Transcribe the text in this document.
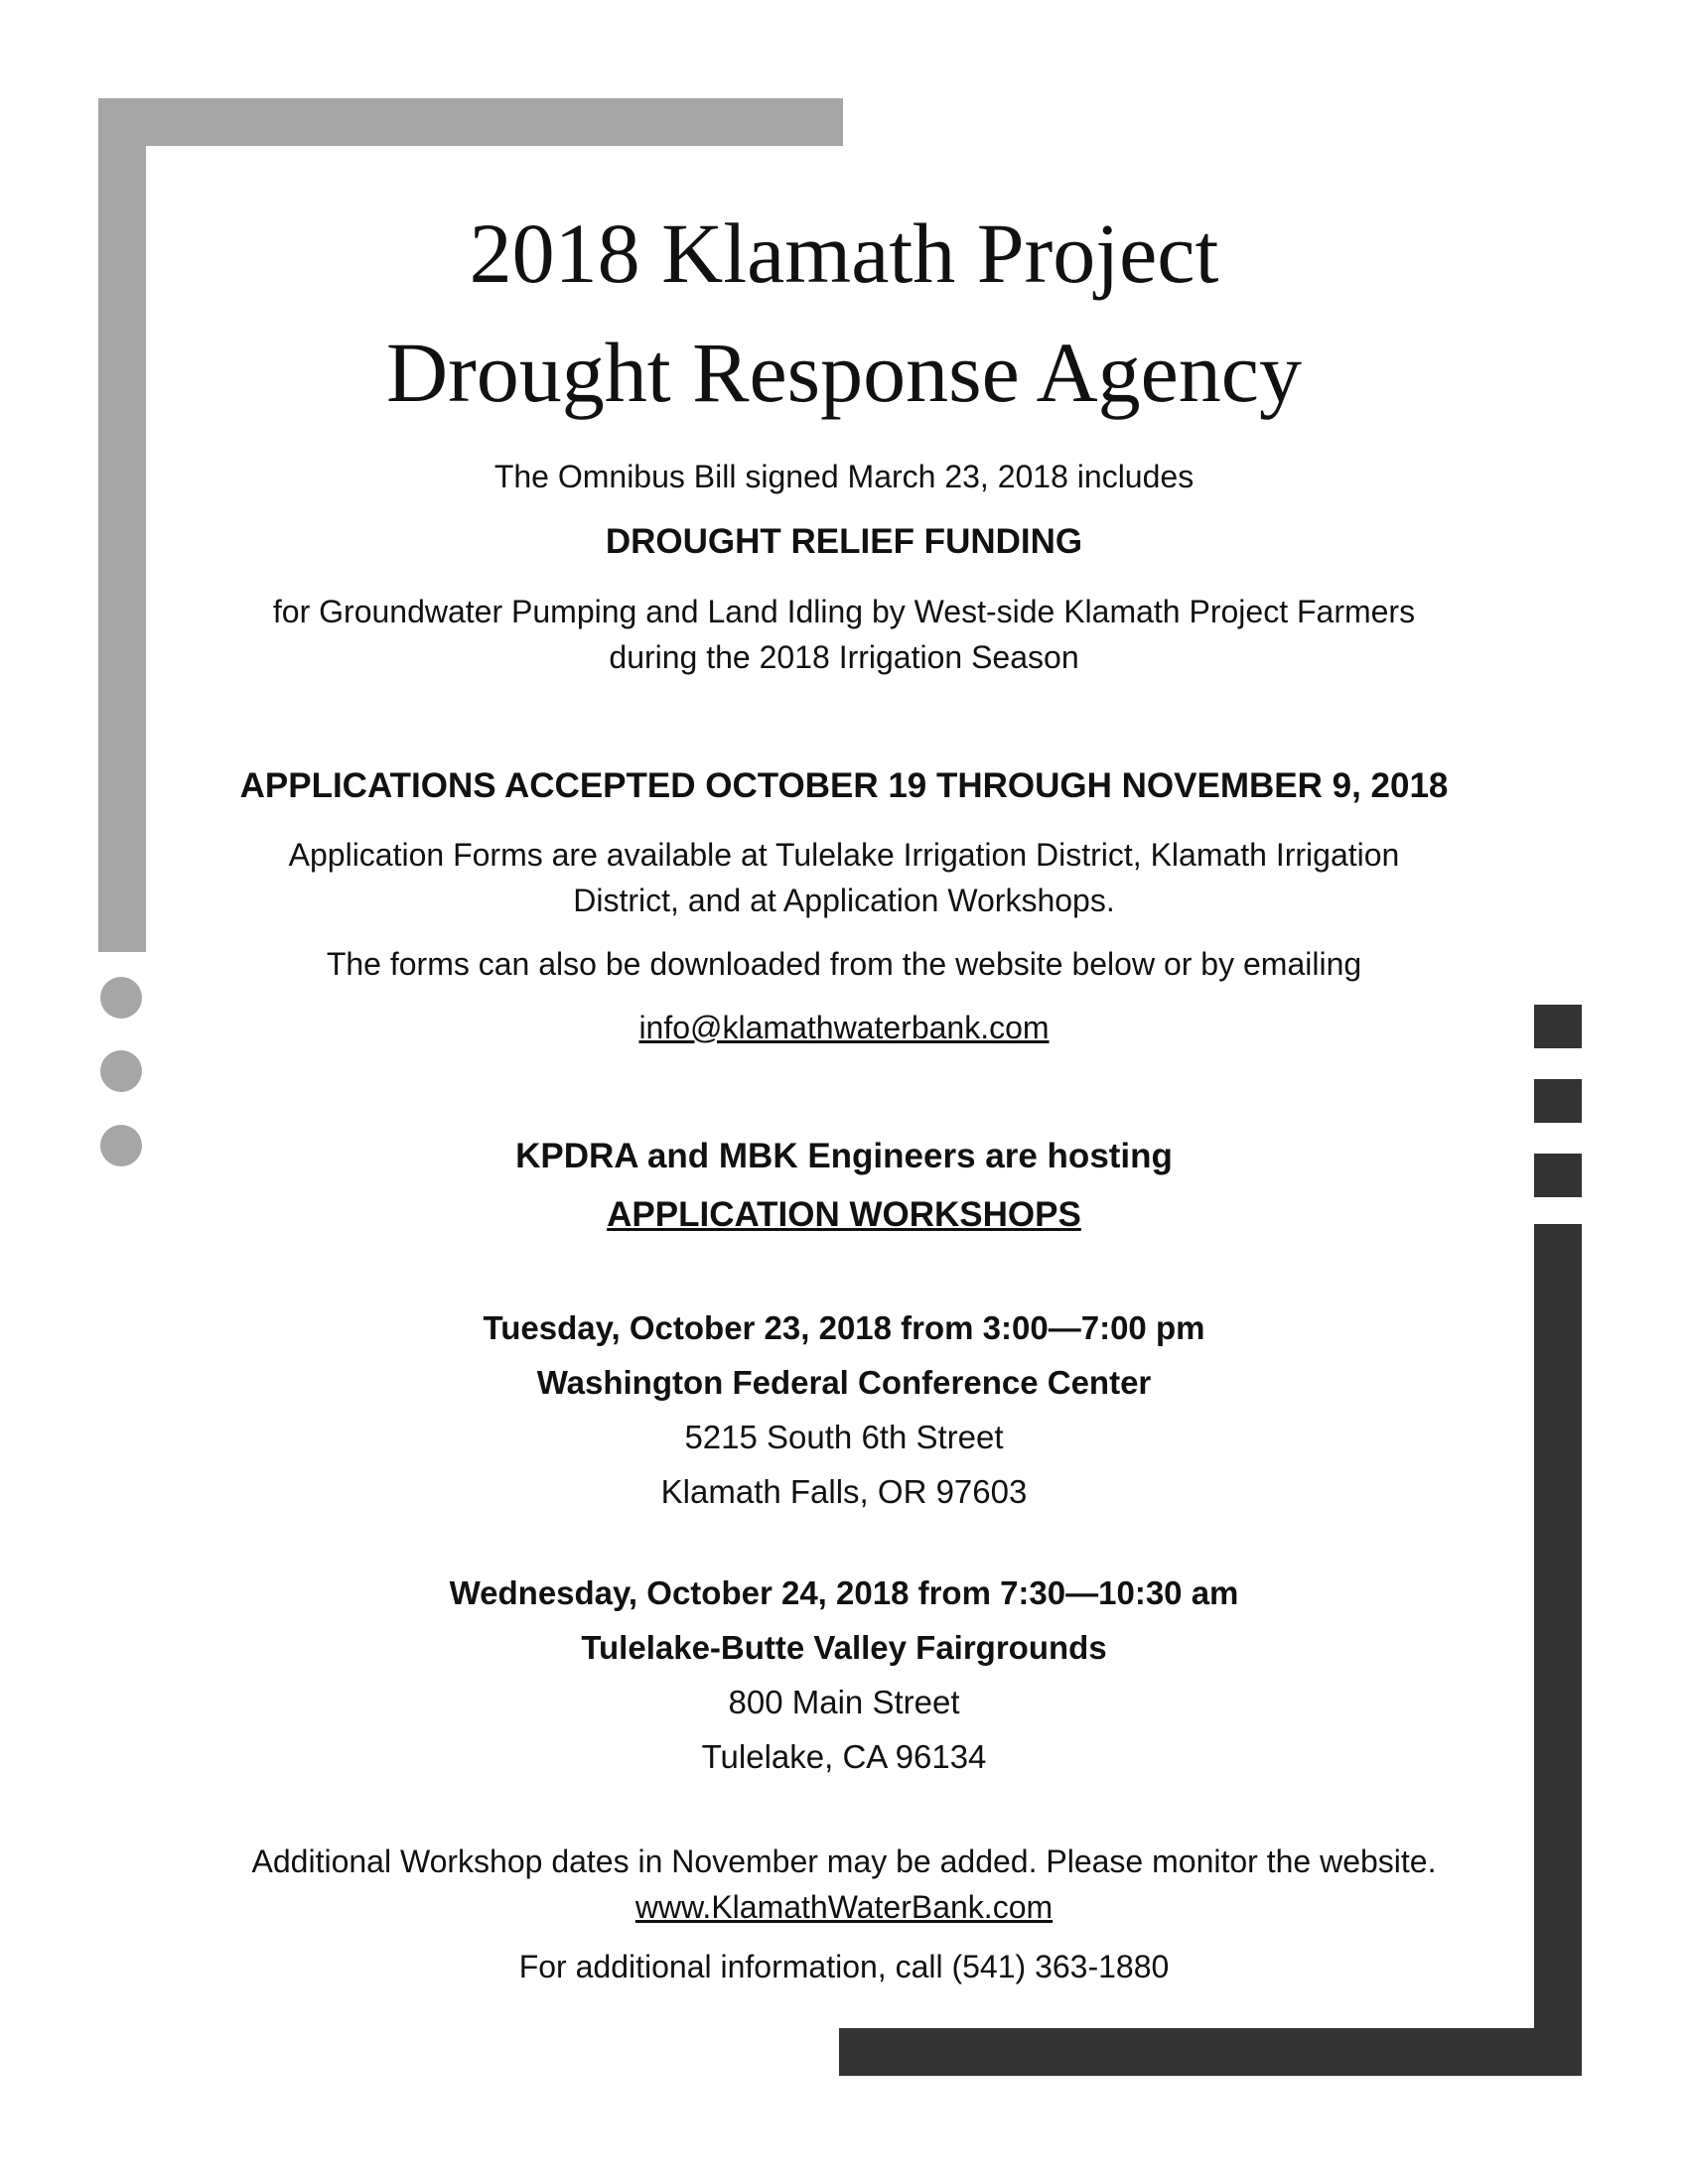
2018 Klamath Project
Drought Response Agency
The Omnibus Bill signed March 23, 2018 includes
DROUGHT RELIEF FUNDING
for Groundwater Pumping and Land Idling by West-side Klamath Project Farmers
during the 2018 Irrigation Season
APPLICATIONS ACCEPTED OCTOBER 19 THROUGH NOVEMBER 9, 2018
Application Forms are available at Tulelake Irrigation District, Klamath Irrigation
District, and at Application Workshops.
The forms can also be downloaded from the website below or by emailing
info@klamathwaterbank.com
KPDRA and MBK Engineers are hosting
APPLICATION WORKSHOPS
Tuesday, October 23, 2018 from 3:00—7:00 pm
Washington Federal Conference Center
5215 South 6th Street
Klamath Falls, OR 97603
Wednesday, October 24, 2018 from 7:30—10:30 am
Tulelake-Butte Valley Fairgrounds
800 Main Street
Tulelake, CA 96134
Additional Workshop dates in November may be added. Please monitor the website.
www.KlamathWaterBank.com
For additional information, call (541) 363-1880
